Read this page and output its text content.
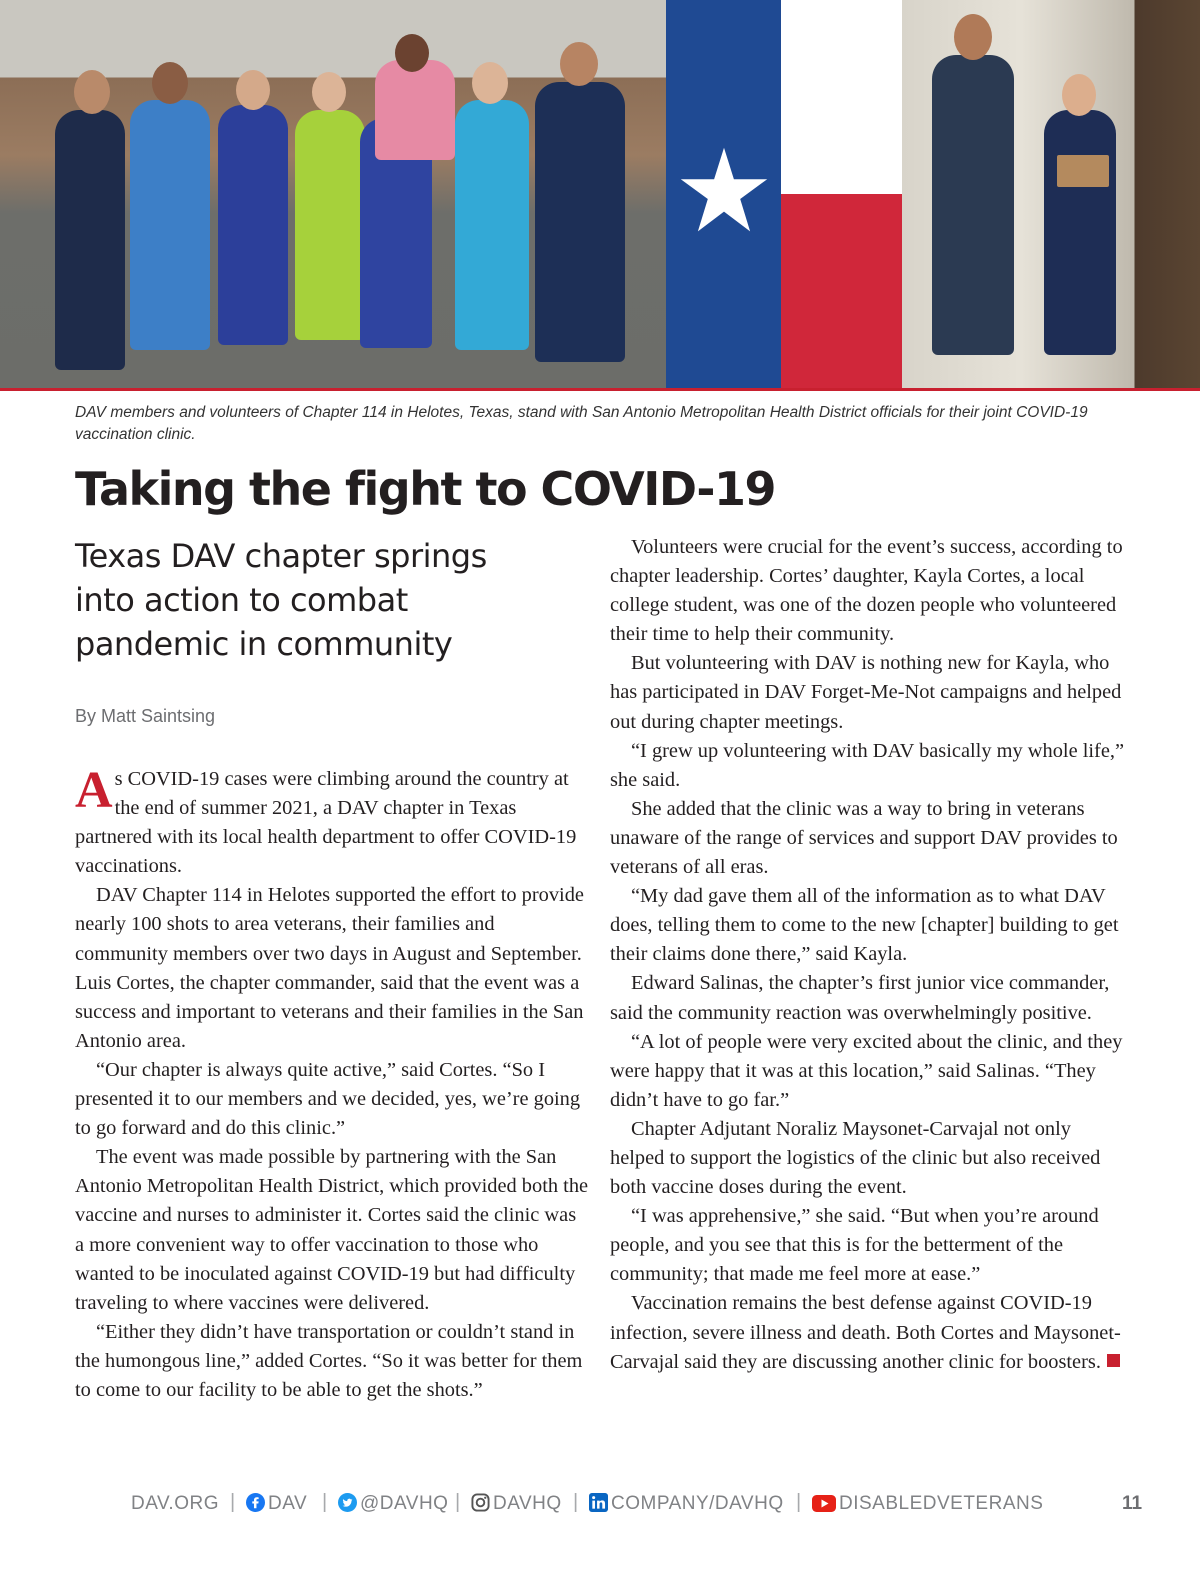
DAV members and volunteers of Chapter 114 in Helotes, Texas, stand with San Antonio Metropolitan Health District officials for their joint COVID-19 vaccination clinic.
Taking the fight to COVID-19
Texas DAV chapter springs into action to combat pandemic in community
By Matt Saintsing

As COVID-19 cases were climbing around the country at the end of summer 2021, a DAV chapter in Texas partnered with its local health department to offer COVID-19 vaccinations.

DAV Chapter 114 in Helotes supported the effort to provide nearly 100 shots to area veterans, their families and community members over two days in August and September. Luis Cortes, the chapter commander, said that the event was a success and important to veterans and their families in the San Antonio area.

“Our chapter is always quite active,” said Cortes. “So I presented it to our members and we decided, yes, we’re going to go forward and do this clinic.”

The event was made possible by partnering with the San Antonio Metropolitan Health District, which provided both the vaccine and nurses to administer it. Cortes said the clinic was a more convenient way to offer vaccination to those who wanted to be inoculated against COVID-19 but had difficulty traveling to where vaccines were delivered.

“Either they didn’t have transportation or couldn’t stand in the humongous line,” added Cortes. “So it was better for them to come to our facility to be able to get the shots.”

Volunteers were crucial for the event’s success, according to chapter leadership. Cortes’ daughter, Kayla Cortes, a local college student, was one of the dozen people who volunteered their time to help their community.

But volunteering with DAV is nothing new for Kayla, who has participated in DAV Forget-Me-Not campaigns and helped out during chapter meetings.

“I grew up volunteering with DAV basically my whole life,” she said.

She added that the clinic was a way to bring in veterans unaware of the range of services and support DAV provides to veterans of all eras.

“My dad gave them all of the information as to what DAV does, telling them to come to the new [chapter] building to get their claims done there,” said Kayla.

Edward Salinas, the chapter’s first junior vice commander, said the community reaction was overwhelmingly positive.

“A lot of people were very excited about the clinic, and they were happy that it was at this location,” said Salinas. “They didn’t have to go far.”

Chapter Adjutant Noraliz Maysonet-Carvajal not only helped to support the logistics of the clinic but also received both vaccine doses during the event.

“I was apprehensive,” she said. “But when you’re around people, and you see that this is for the betterment of the community; that made me feel more at ease.”

Vaccination remains the best defense against COVID-19 infection, severe illness and death. Both Cortes and Maysonet-Carvajal said they are discussing another clinic for boosters.

DAV.ORG |	DAV |	@DAVHQ |	DAVHQ |	COMPANY/DAVHQ |	DISABLEDVETERANS	11
